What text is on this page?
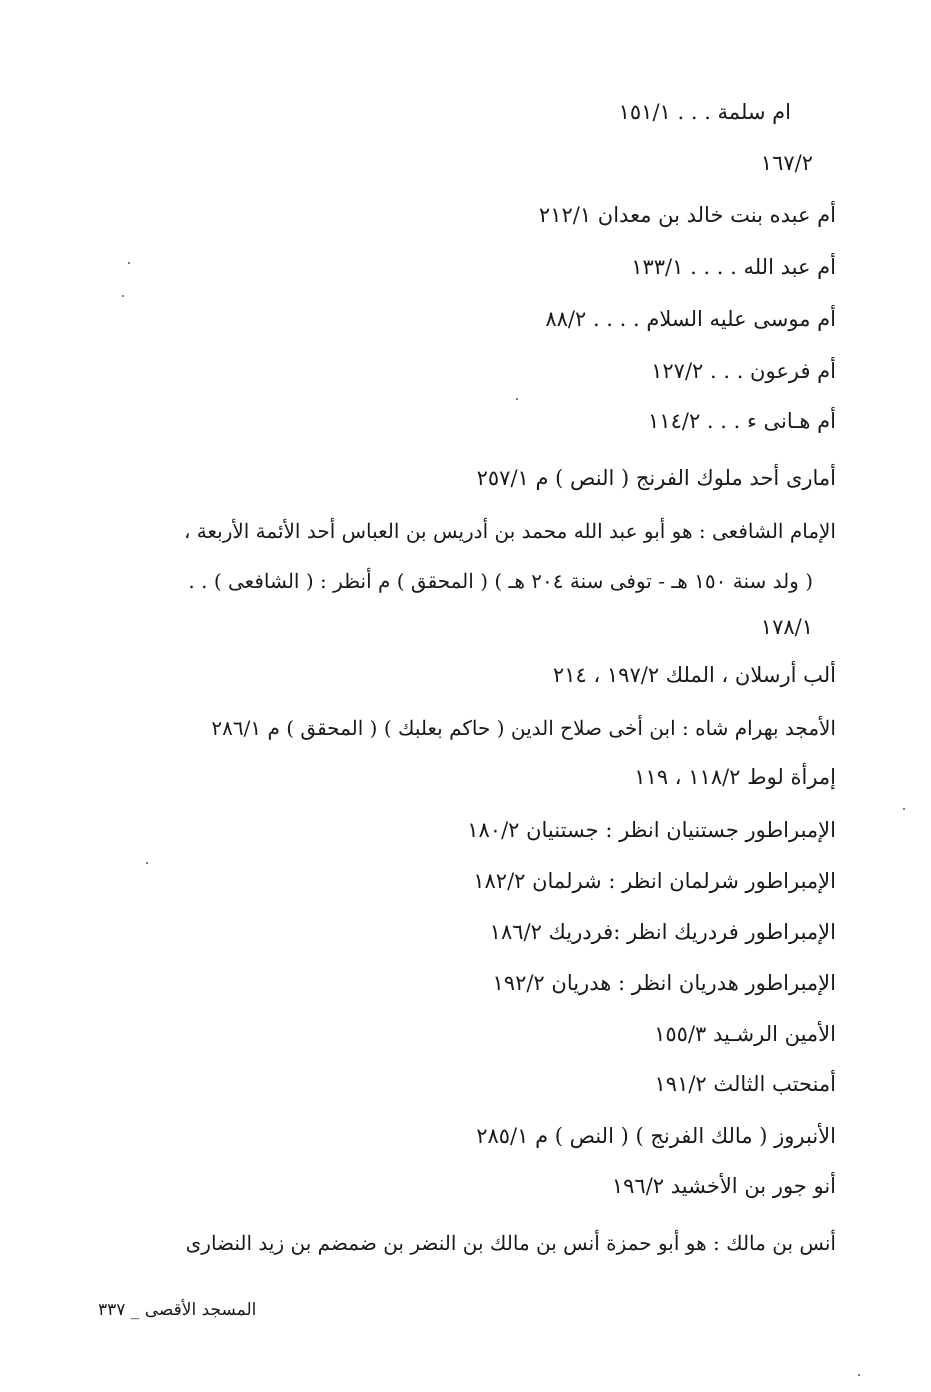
ام سلمة . . . ١٥١/١
١٦٧/٢
أم عبده بنت خالد بن معدان ٢١٢/١
أم عبد الله . . . . ١٣٣/١
أم موسى عليه السلام . . . . ٨٨/٢
أم فرعون . . . ١٢٧/٢
أم هـانى ء . . . ١١٤/٢
أمارى أحد ملوك الفرنج ( النص ) م ٢٥٧/١
الإمام الشافعى : هو أبو عبد الله محمد بن أدريس بن العباس أحد الأئمة الأربعة ،
( ولد سنة ١٥٠ هـ - توفى سنة ٢٠٤ هـ ) ( المحقق ) م أنظر : ( الشافعى ) . .
١٧٨/١
ألب أرسلان ، الملك ١٩٧/٢ ، ٢١٤
الأمجد بهرام شاه : ابن أخى صلاح الدين ( حاكم بعلبك ) ( المحقق ) م ٢٨٦/١
إمرأة لوط ١١٨/٢ ، ١١٩
الإمبراطور جستنيان انظر : جستنيان ١٨٠/٢
الإمبراطور شرلمان انظر : شرلمان ١٨٢/٢
الإمبراطور فردريك انظر :فردريك ١٨٦/٢
الإمبراطور هدريان انظر : هدريان ١٩٢/٢
الأمين الرشـيد ١٥٥/٣
أمنحتب الثالث ١٩١/٢
الأنبروز ( مالك الفرنج ) ( النص ) م ٢٨٥/١
أنو جور بن الأخشيد ١٩٦/٢
أنس بن مالك : هو أبو حمزة أنس بن مالك بن النضر بن ضمضم بن زيد النضارى
المسجد الأقصى _ ٣٣٧
